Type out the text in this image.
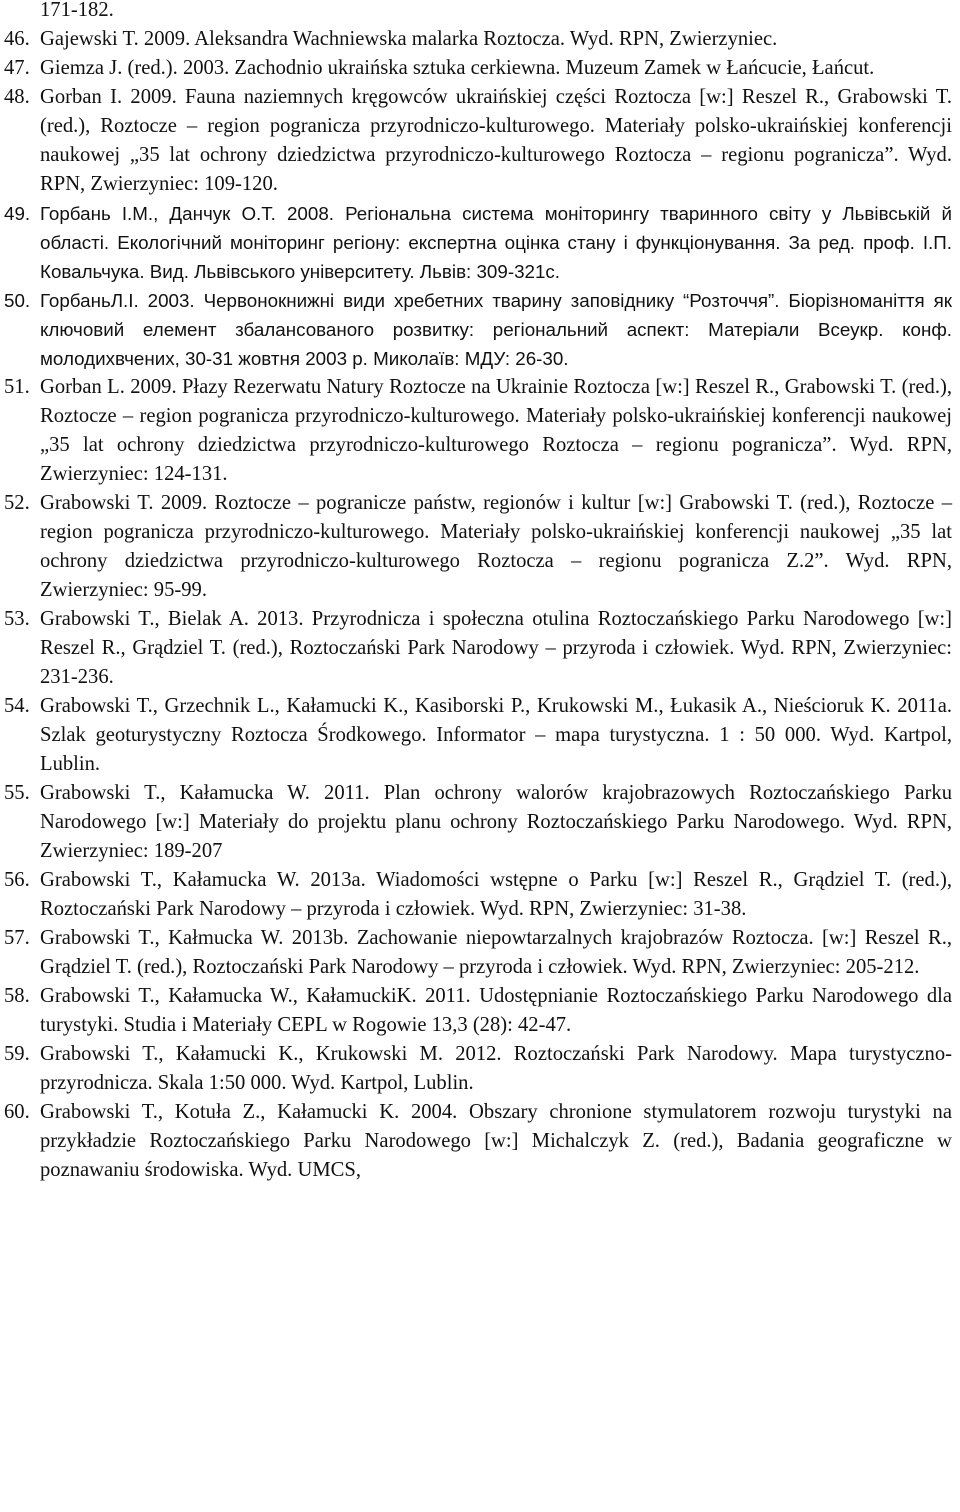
171-182.

46. Gajewski T. 2009. Aleksandra Wachniewska malarka Roztocza. Wyd. RPN, Zwierzyniec.
47. Giemza J. (red.). 2003. Zachodnio ukraińska sztuka cerkiewna. Muzeum Zamek w Łańcucie, Łańcut.
48. Gorban I. 2009. Fauna naziemnych kręgowców ukraińskiej części Roztocza [w:] Reszel R., Grabowski T. (red.), Roztocze – region pogranicza przyrodniczo-kulturowego. Materiały polsko-ukraińskiej konferencji naukowej „35 lat ochrony dziedzictwa przyrodniczo-kulturowego Roztocza – regionu pogranicza”. Wyd. RPN, Zwierzyniec: 109-120.
49. Горбань І.М., Данчук О.Т. 2008. Регіональна система моніторингу тваринного світу у Львівській й області. Екологічний моніторинг регіону: експертна оцінка стану і функціонування. За ред. проф. І.П. Ковальчука. Вид. Львівського університету. Львів: 309-321с.
50. ГорбаньЛ.І. 2003. Червонокнижні види хребетних тварину заповіднику “Розточчя”. Біорізноманіття як ключовий елемент збалансованого розвитку: регіональний аспект: Матеріали Всеукр. конф. молодихвчених, 30-31 жовтня 2003 р. Миколаїв: МДУ: 26-30.
51. Gorban L. 2009. Płazy Rezerwatu Natury Roztocze na Ukrainie Roztocza [w:] Reszel R., Grabowski T. (red.), Roztocze – region pogranicza przyrodniczo-kulturowego. Materiały polsko-ukraińskiej konferencji naukowej „35 lat ochrony dziedzictwa przyrodniczo-kulturowego Roztocza – regionu pogranicza”. Wyd. RPN, Zwierzyniec: 124-131.
52. Grabowski T. 2009. Roztocze – pogranicze państw, regionów i kultur [w:] Grabowski T. (red.), Roztocze – region pogranicza przyrodniczo-kulturowego. Materiały polsko-ukraińskiej konferencji naukowej „35 lat ochrony dziedzictwa przyrodniczo-kulturowego Roztocza – regionu pogranicza Z.2”. Wyd. RPN, Zwierzyniec: 95-99.
53. Grabowski T., Bielak A. 2013. Przyrodnicza i społeczna otulina Roztoczańskiego Parku Narodowego [w:] Reszel R., Grądziel T. (red.), Roztoczański Park Narodowy – przyroda i człowiek. Wyd. RPN, Zwierzyniec: 231-236.
54. Grabowski T., Grzechnik L., Kałamucki K., Kasiborski P., Krukowski M., Łukasik A., Nieścioruk K. 2011a. Szlak geoturystyczny Roztocza Środkowego. Informator – mapa turystyczna. 1 : 50 000. Wyd. Kartpol, Lublin.
55. Grabowski T., Kałamucka W. 2011. Plan ochrony walorów krajobrazowych Roztoczańskiego Parku Narodowego [w:] Materiały do projektu planu ochrony Roztoczańskiego Parku Narodowego. Wyd. RPN, Zwierzyniec: 189-207
56. Grabowski T., Kałamucka W. 2013a. Wiadomości wstępne o Parku [w:] Reszel R., Grądziel T. (red.), Roztoczański Park Narodowy – przyroda i człowiek. Wyd. RPN, Zwierzyniec: 31-38.
57. Grabowski T., Kałmucka W. 2013b. Zachowanie niepowtarzalnych krajobrazów Roztocza. [w:] Reszel R., Grądziel T. (red.), Roztoczański Park Narodowy – przyroda i człowiek. Wyd. RPN, Zwierzyniec: 205-212.
58. Grabowski T., Kałamucka W., KałamuckiK. 2011. Udostępnianie Roztoczańskiego Parku Narodowego dla turystyki. Studia i Materiały CEPL w Rogowie 13,3 (28): 42-47.
59. Grabowski T., Kałamucki K., Krukowski M. 2012. Roztoczański Park Narodowy. Mapa turystyczno-przyrodnicza. Skala 1:50 000. Wyd. Kartpol, Lublin.
60. Grabowski T., Kotuła Z., Kałamucki K. 2004. Obszary chronione stymulatorem rozwoju turystyki na przykładzie Roztoczańskiego Parku Narodowego [w:] Michalczyk Z. (red.), Badania geograficzne w poznawaniu środowiska. Wyd. UMCS,
